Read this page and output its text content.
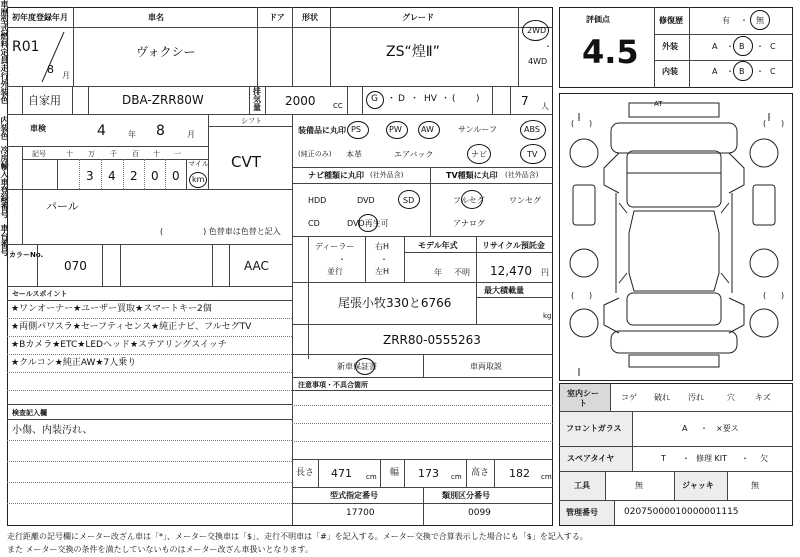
初年度登録年月	車名	ドア 形状	グレード
R01
8 月
ヴォクシー	ZS“煌Ⅱ”
2WD
・
4WD
車歴
自家用
型式
DBA-ZRR80W
排気量 2000 CC
燃料
G ・ D ・ HV ・ ( )
定員
7 人
車検	4	年 8	月
シフト
CVT
走行
記号	十 万 千 百 十 一
3 4 2 0 0
マイル
km
外装色
パール
(　　　　　) 色替車は色替と記入
カラーNo.
070
内装色
冷房
AAC
セールスポイント
★ワンオーナー★ユーザー買取★スマートキー2個
★両側パワスラ★セーフティセンス★純正ナビ、フルセグTV
★Bカメラ★ETC★LEDヘッド★ステアリングスイッチ
★クルコン★純正AW★7人乗り
検査記入欄
小傷、内装汚れ、
装備品に丸印
(純正のみ)
PS	PW AW	サンルーフ	ABS
本革	エアバック	ナビ	TV
ナビ種類に丸印 (社外品含)	TV種類に丸印 (社外品含)
HDD	DVD	SD
CD	DVD再生可
フルセグ	ワンセグ
アナログ
輸入車
ディーラー
・
並行
右H
・
左H
モデル年式
年 不明
リサイクル預託金
12,470 円
登録番号
尾張小牧330と6766
最大積載量
kg
車台番号
ZRR80-0555263
新車保証書	車両取説
注意事項・不具合箇所
長さ 471 cm 幅 173 cm 高さ 182 cm
型式指定番号	類別区分番号
17700	0099
評価点
4.5
修復歴	有 ・ 無
外装	A ・ B ・ C
内装	A ・ B ・ C
AT
( )	( )
( )	( )
室内シート
コゲ 破れ 汚れ	穴	キズ
フロントガラス	A ・ ×要ス
スペアタイヤ	T ・ 修理 KIT ・ 欠
工具	無	ジャッキ	無
管理番号	02075000010000001115
走行距離の記号欄にメーター改ざん車は「*」、メーター交換車は「$」、走行不明車は「#」を記入する。メーター交換で合算表示した場合にも「$」を記入する。
また メーター交換の条件を満たしていないものはメーター改ざん車扱いとなります。
